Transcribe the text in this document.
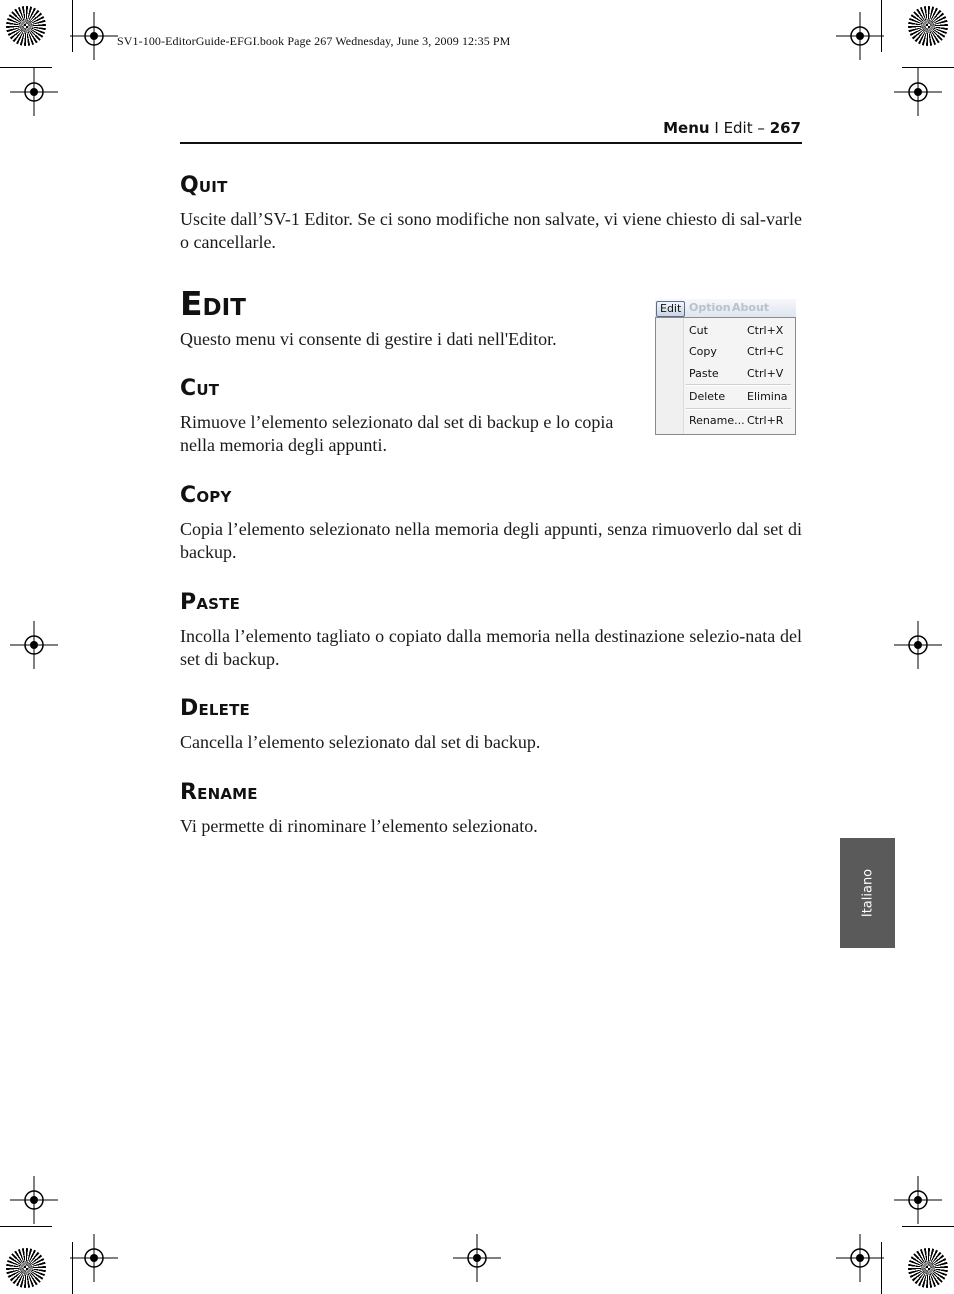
SV1-100-EditorGuide-EFGI.book Page 267 Wednesday, June 3, 2009 12:35 PM
Menu I Edit – 267
Quit
Uscite dall’SV-1 Editor. Se ci sono modifiche non salvate, vi viene chiesto di sal-varle o cancellarle.
Edit
Questo menu vi consente di gestire i dati nell'Editor.
Cut
Rimuove l’elemento selezionato dal set di backup e lo copia nella memoria degli appunti.
Copy
Copia l’elemento selezionato nella memoria degli appunti, senza rimuoverlo dal set di backup.
Paste
Incolla l’elemento tagliato o copiato dalla memoria nella destinazione selezio-nata del set di backup.
Delete
Cancella l’elemento selezionato dal set di backup.
Rename
Vi permette di rinominare l’elemento selezionato.
Edit Option About
Cut	Ctrl+X
Copy	Ctrl+C
Paste	Ctrl+V
Delete Elimina
Rename... Ctrl+R
Italiano
